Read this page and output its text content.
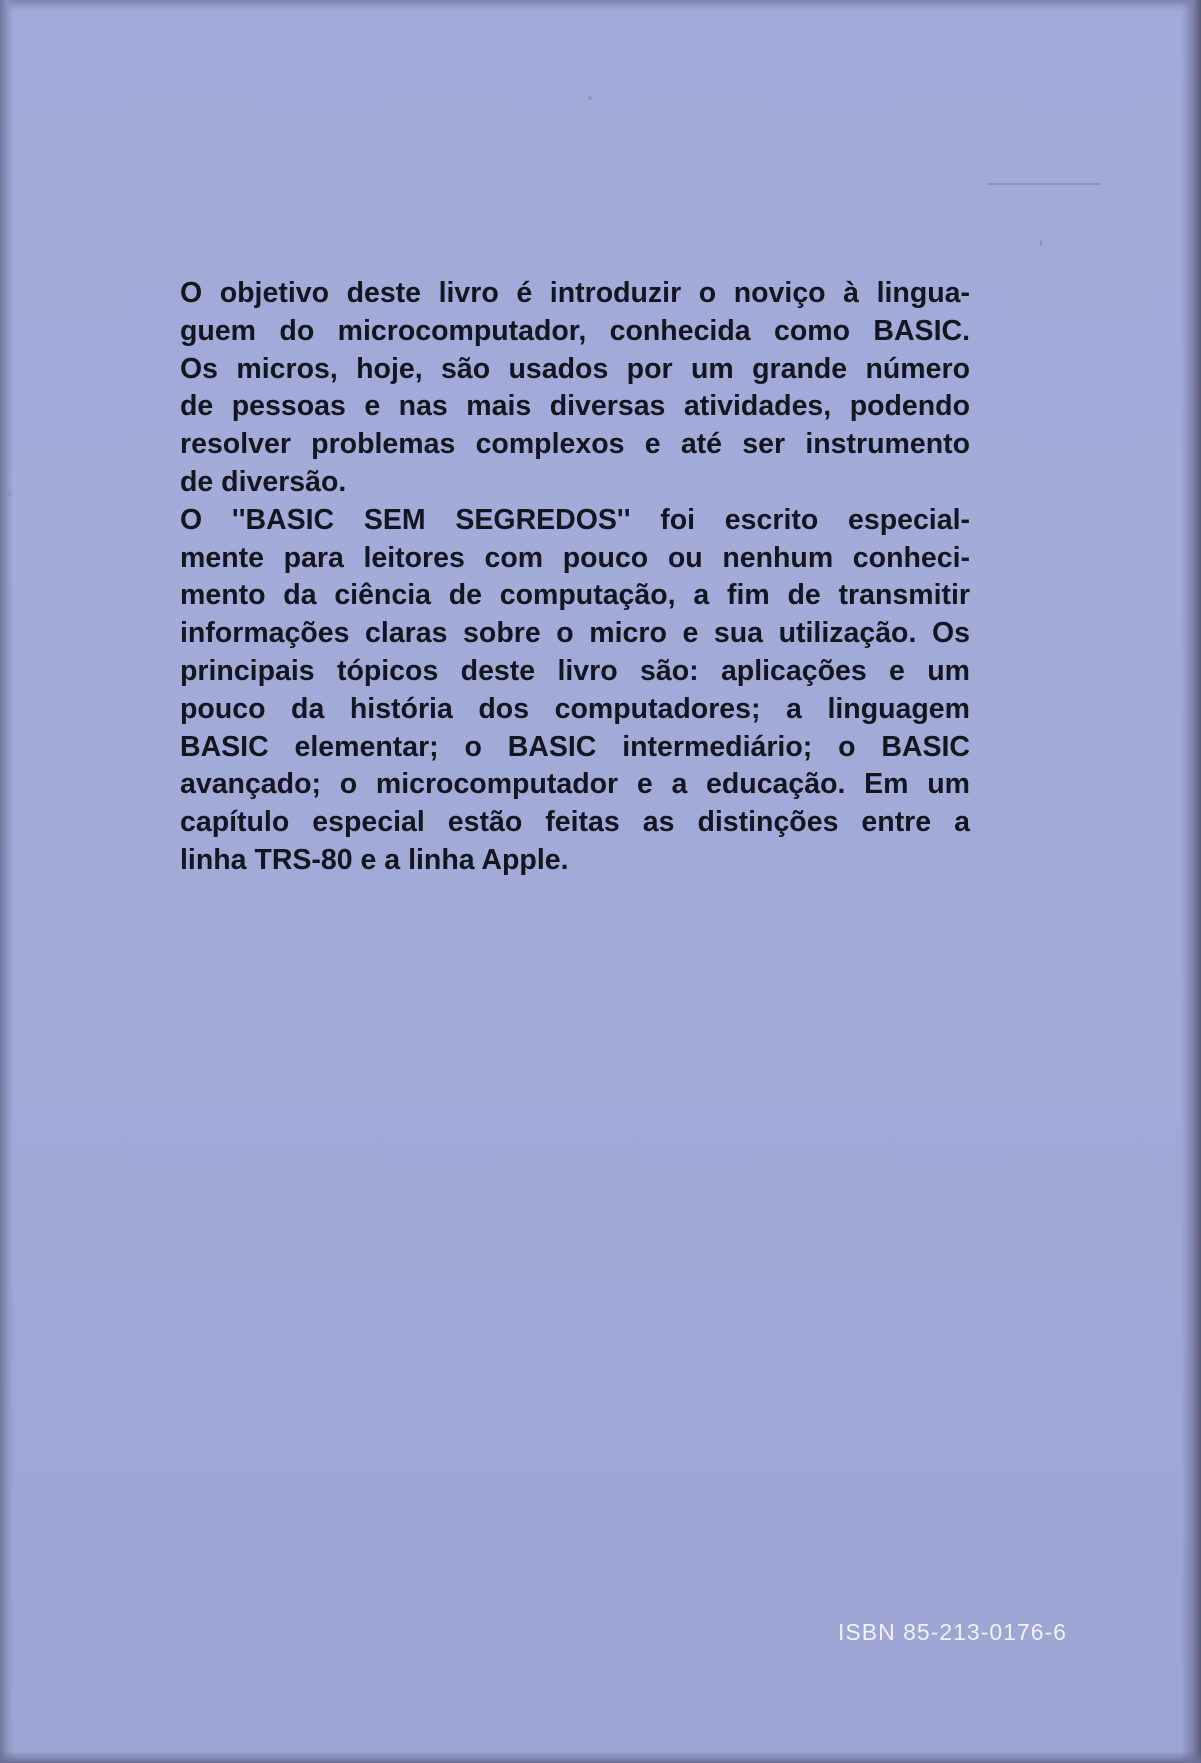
O objetivo deste livro é introduzir o noviço à lingua-
guem do microcomputador, conhecida como BASIC.
Os micros, hoje, são usados por um grande número
de pessoas e nas mais diversas atividades, podendo
resolver problemas complexos e até ser instrumento
de diversão.
O ''BASIC SEM SEGREDOS'' foi escrito especial-
mente para leitores com pouco ou nenhum conheci-
mento da ciência de computação, a fim de transmitir
informações claras sobre o micro e sua utilização. Os
principais tópicos deste livro são: aplicações e um
pouco da história dos computadores; a linguagem
BASIC elementar; o BASIC intermediário; o BASIC
avançado; o microcomputador e a educação. Em um
capítulo especial estão feitas as distinções entre a
linha TRS-80 e a linha Apple.
ISBN 85-213-0176-6
